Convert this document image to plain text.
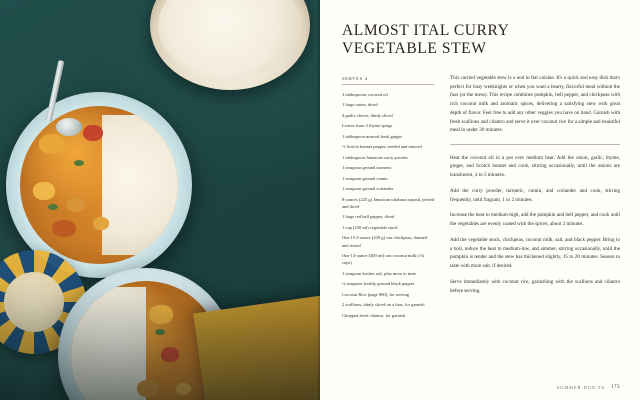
ALMOST ITAL CURRY VEGETABLE STEW
SERVES 4
3 tablespoons coconut oil
1 large onion, diced
4 garlic cloves, thinly sliced
Leaves from 3 thyme sprigs
1 tablespoon minced fresh ginger
½ Scotch bonnet pepper, seeded and minced
1 tablespoon Jamaican curry powder
1 teaspoon ground turmeric
1 teaspoon ground cumin
1 teaspoon ground coriander
8 ounces (225 g) Jamaican calabaza squash, peeled and diced
1 large red bell pepper, diced
1 cup (250 ml) vegetable stock
One 15.5-ounce (439 g) can chickpeas, drained and rinsed
One 14-ounce (400 ml) can coconut milk (1¾ cups)
1 teaspoon kosher salt, plus more to taste
¼ teaspoon freshly ground black pepper
Coconut Rice (page 000), for serving
2 scallions, thinly sliced on a bias, for garnish
Chopped fresh cilantro, for garnish

This curried vegetable stew is a nod to Ital cuisine. It's a quick and easy dish that's perfect for busy weeknights or when you want a hearty, flavorful meal without the fuss (or the mess). This recipe combines pumpkin, bell pepper, and chickpeas with rich coconut milk and aromatic spices, delivering a satisfying stew with great depth of flavor. Feel free to add any other veggies you have on hand. Garnish with fresh scallions and cilantro and serve it over coconut rice for a simple and beautiful meal in under 30 minutes.

Heat the coconut oil in a pot over medium heat. Add the onion, garlic, thyme, ginger, and Scotch bonnet and cook, stirring occasionally, until the onions are translucent, 4 to 5 minutes.

Add the curry powder, turmeric, cumin, and coriander and cook, stirring frequently, until fragrant, 1 to 2 minutes.

Increase the heat to medium-high, add the pumpkin and bell pepper, and cook until the vegetables are evenly coated with the spices, about 2 minutes.

Add the vegetable stock, chickpeas, coconut milk, salt, and black pepper. Bring to a boil, reduce the heat to medium-low, and simmer, stirring occasionally, until the pumpkin is tender and the stew has thickened slightly, 15 to 20 minutes. Season to taste with more salt, if desired.

Serve immediately with coconut rice, garnishing with the scallions and cilantro before serving.

SUMMER DON'TS 173
